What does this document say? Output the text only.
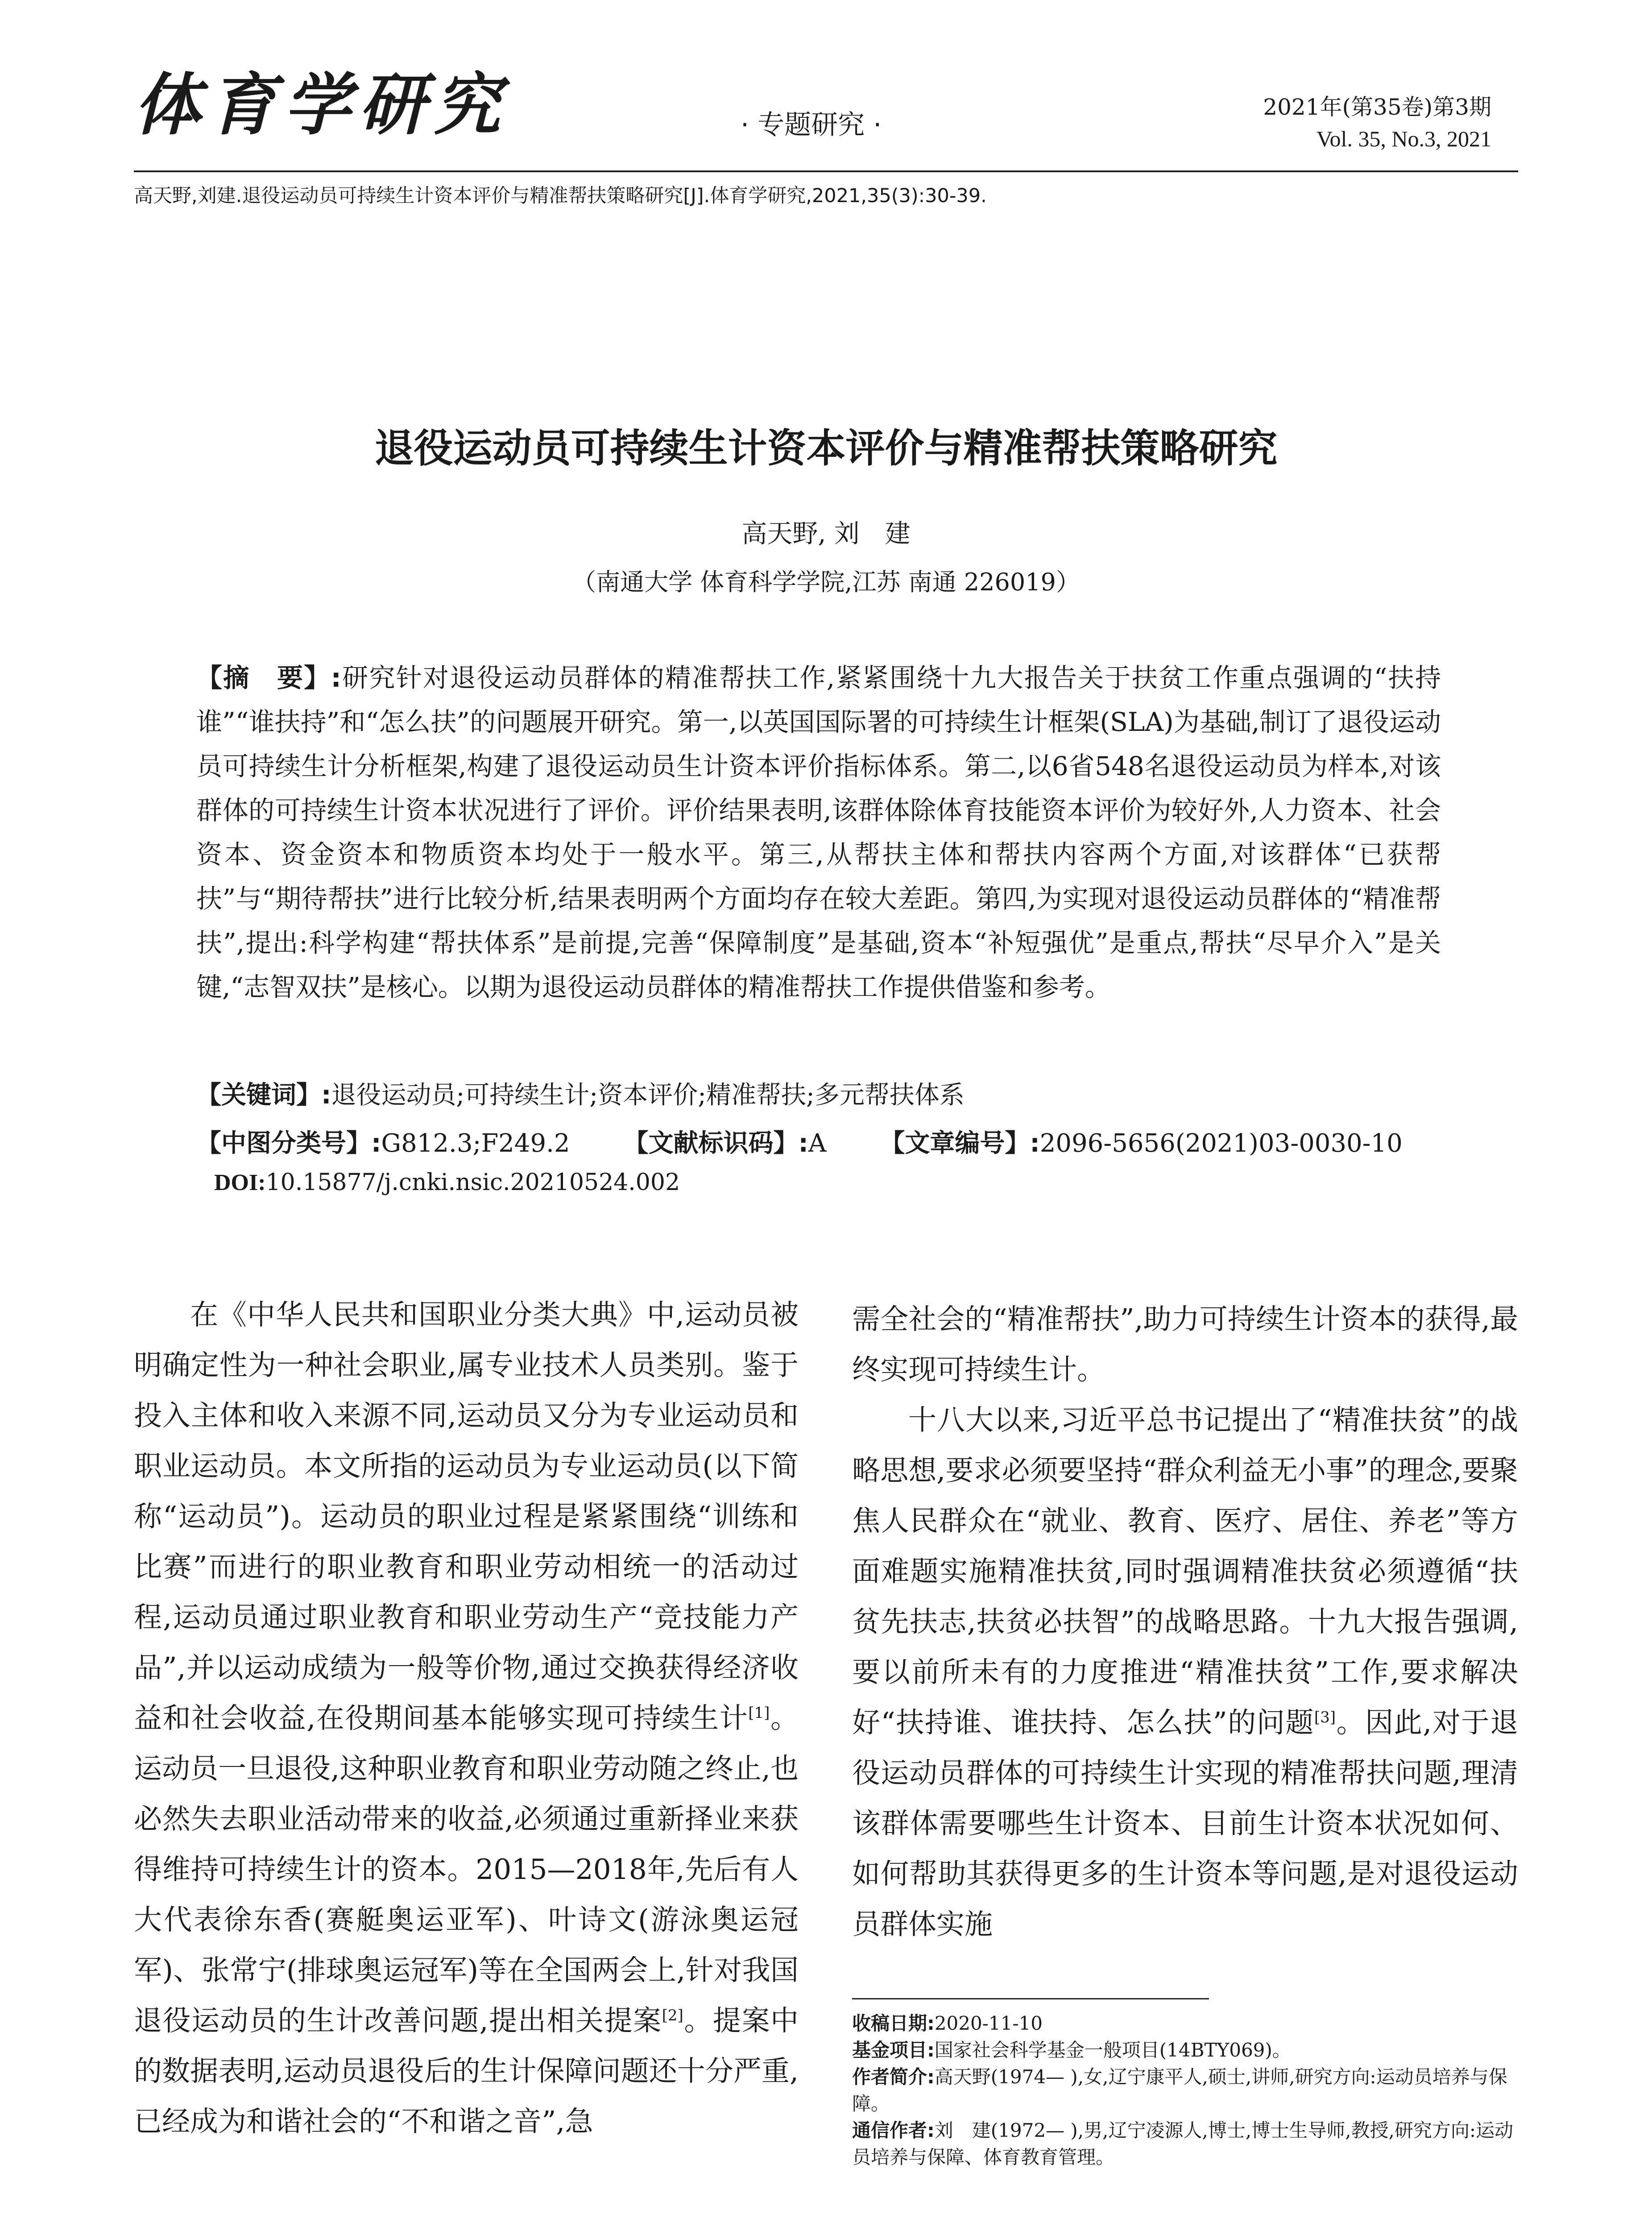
体育学研究	· 专题研究 ·
2021年(第35卷)第3期
Vol. 35, No.3, 2021
高天野,刘建.退役运动员可持续生计资本评价与精准帮扶策略研究[J].体育学研究,2021,35(3):30-39.
退役运动员可持续生计资本评价与精准帮扶策略研究
高天野, 刘　建
（南通大学 体育科学学院,江苏 南通 226019）
【摘　要】:研究针对退役运动员群体的精准帮扶工作,紧紧围绕十九大报告关于扶贫工作重点强调的“扶持谁”“谁扶持”和“怎么扶”的问题展开研究。第一,以英国国际署的可持续生计框架(SLA)为基础,制订了退役运动员可持续生计分析框架,构建了退役运动员生计资本评价指标体系。第二,以6省548名退役运动员为样本,对该群体的可持续生计资本状况进行了评价。评价结果表明,该群体除体育技能资本评价为较好外,人力资本、社会资本、资金资本和物质资本均处于一般水平。第三,从帮扶主体和帮扶内容两个方面,对该群体“已获帮扶”与“期待帮扶”进行比较分析,结果表明两个方面均存在较大差距。第四,为实现对退役运动员群体的“精准帮扶”,提出:科学构建“帮扶体系”是前提,完善“保障制度”是基础,资本“补短强优”是重点,帮扶“尽早介入”是关键,“志智双扶”是核心。以期为退役运动员群体的精准帮扶工作提供借鉴和参考。
【关键词】:退役运动员;可持续生计;资本评价;精准帮扶;多元帮扶体系
【中图分类号】:G812.3;F249.2 【文献标识码】:A 【文章编号】:2096-5656(2021)03-0030-10
DOI:10.15877/j.cnki.nsic.20210524.002

在《中华人民共和国职业分类大典》中,运动员被明确定性为一种社会职业,属专业技术人员类别。鉴于投入主体和收入来源不同,运动员又分为专业运动员和职业运动员。本文所指的运动员为专业运动员(以下简称“运动员”)。运动员的职业过程是紧紧围绕“训练和比赛”而进行的职业教育和职业劳动相统一的活动过程,运动员通过职业教育和职业劳动生产“竞技能力产品”,并以运动成绩为一般等价物,通过交换获得经济收益和社会收益,在役期间基本能够实现可持续生计[1]。运动员一旦退役,这种职业教育和职业劳动随之终止,也必然失去职业活动带来的收益,必须通过重新择业来获得维持可持续生计的资本。2015—2018年,先后有人大代表徐东香(赛艇奥运亚军)、叶诗文(游泳奥运冠军)、张常宁(排球奥运冠军)等在全国两会上,针对我国退役运动员的生计改善问题,提出相关提案[2]。提案中的数据表明,运动员退役后的生计保障问题还十分严重,已经成为和谐社会的“不和谐之音”,急

需全社会的“精准帮扶”,助力可持续生计资本的获得,最终实现可持续生计。

十八大以来,习近平总书记提出了“精准扶贫”的战略思想,要求必须要坚持“群众利益无小事”的理念,要聚焦人民群众在“就业、教育、医疗、居住、养老”等方面难题实施精准扶贫,同时强调精准扶贫必须遵循“扶贫先扶志,扶贫必扶智”的战略思路。十九大报告强调,要以前所未有的力度推进“精准扶贫”工作,要求解决好“扶持谁、谁扶持、怎么扶”的问题[3]。因此,对于退役运动员群体的可持续生计实现的精准帮扶问题,理清该群体需要哪些生计资本、目前生计资本状况如何、如何帮助其获得更多的生计资本等问题,是对退役运动员群体实施

收稿日期:2020-11-10
基金项目:国家社会科学基金一般项目(14BTY069)。
作者简介:高天野(1974— ),女,辽宁康平人,硕士,讲师,研究方向:运动员培养与保障。
通信作者:刘　建(1972— ),男,辽宁凌源人,博士,博士生导师,教授,研究方向:运动员培养与保障、体育教育管理。
